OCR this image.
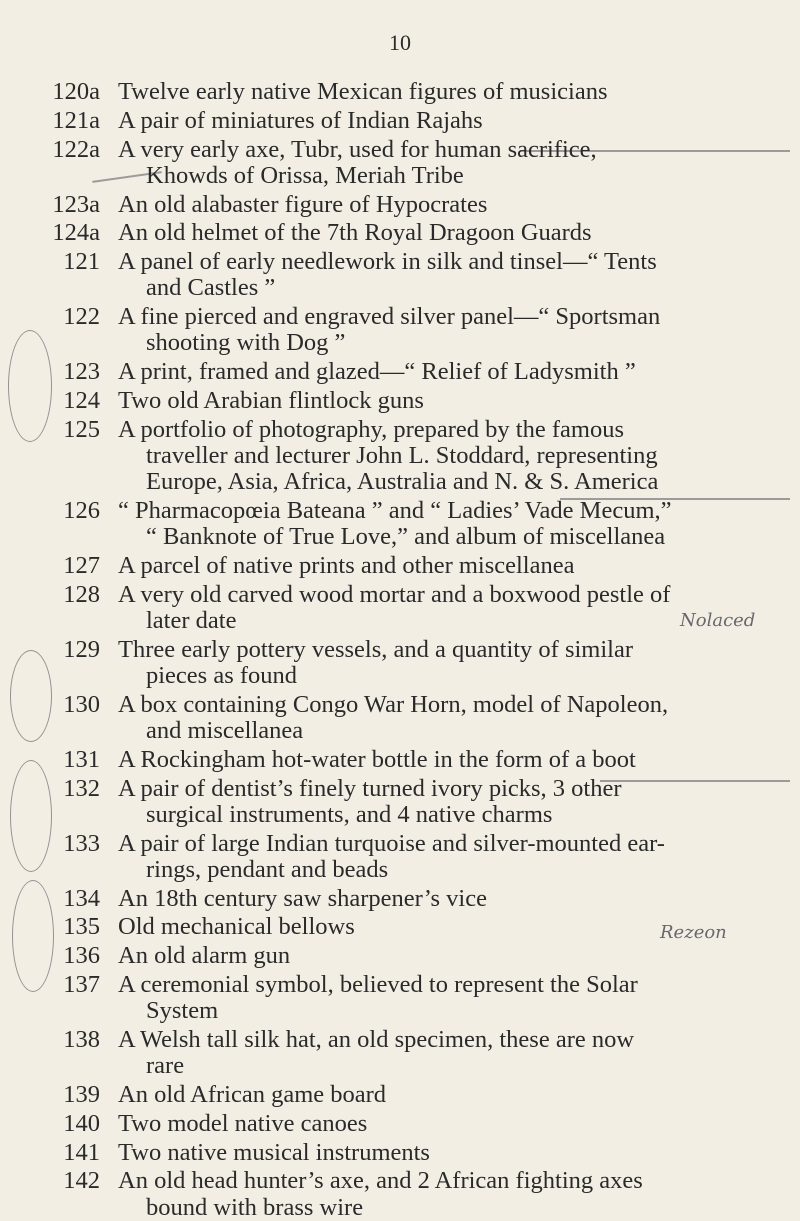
10
120a Twelve early native Mexican figures of musicians
121a A pair of miniatures of Indian Rajahs
122a A very early axe, Tubr, used for human sacrifice,
Khowds of Orissa, Meriah Tribe
123a An old alabaster figure of Hypocrates
124a An old helmet of the 7th Royal Dragoon Guards
121 A panel of early needlework in silk and tinsel—“ Tents
and Castles ”
122 A fine pierced and engraved silver panel—“ Sportsman
shooting with Dog ”
123 A print, framed and glazed—“ Relief of Ladysmith ”
124 Two old Arabian flintlock guns
125 A portfolio of photography, prepared by the famous
traveller and lecturer John L. Stoddard, representing
Europe, Asia, Africa, Australia and N. & S. America
126 “ Pharmacopœia Bateana ” and “ Ladies’ Vade Mecum,”
“ Banknote of True Love,” and album of miscellanea
127 A parcel of native prints and other miscellanea
128 A very old carved wood mortar and a boxwood pestle of
later date
129 Three early pottery vessels, and a quantity of similar
pieces as found
130 A box containing Congo War Horn, model of Napoleon,
and miscellanea
131 A Rockingham hot-water bottle in the form of a boot
132 A pair of dentist’s finely turned ivory picks, 3 other
surgical instruments, and 4 native charms
133 A pair of large Indian turquoise and silver-mounted ear-
rings, pendant and beads
134 An 18th century saw sharpener’s vice
135 Old mechanical bellows
136 An old alarm gun
137 A ceremonial symbol, believed to represent the Solar
System
138 A Welsh tall silk hat, an old specimen, these are now
rare
139 An old African game board
140 Two model native canoes
141 Two native musical instruments
142 An old head hunter’s axe, and 2 African fighting axes
bound with brass wire
Nolaced
Rezeon
